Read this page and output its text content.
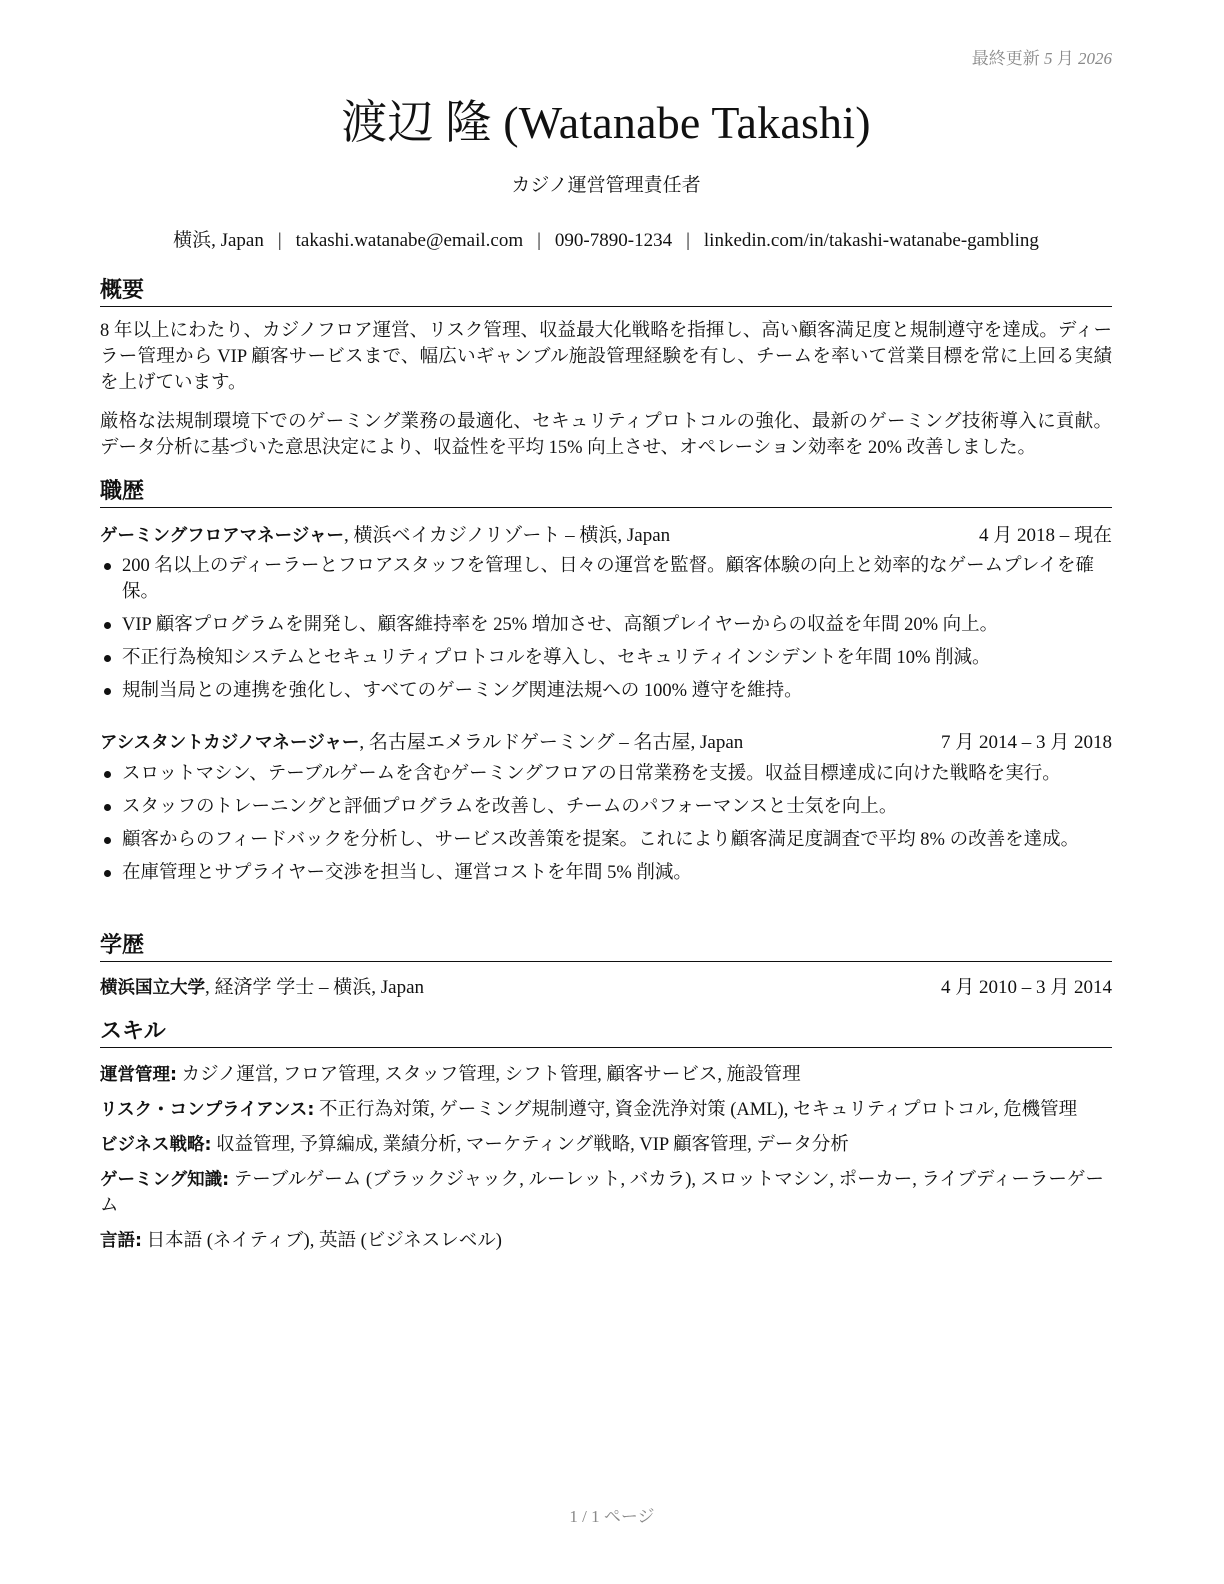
最終更新 5 月 2026
渡辺 隆 (Watanabe Takashi)
カジノ運営管理責任者
横浜, Japan | takashi.watanabe@email.com | 090-7890-1234 | linkedin.com/in/takashi-watanabe-gambling
概要
8 年以上にわたり、カジノフロア運営、リスク管理、収益最大化戦略を指揮し、高い顧客満足度と規制遵守を達成。ディーラー管理から VIP 顧客サービスまで、幅広いギャンブル施設管理経験を有し、チームを率いて営業目標を常に上回る実績を上げています。
厳格な法規制環境下でのゲーミング業務の最適化、セキュリティプロトコルの強化、最新のゲーミング技術導入に貢献。データ分析に基づいた意思決定により、収益性を平均 15% 向上させ、オペレーション効率を 20% 改善しました。
職歴
ゲーミングフロアマネージャー, 横浜ベイカジノリゾート – 横浜, Japan	4 月 2018 – 現在
200 名以上のディーラーとフロアスタッフを管理し、日々の運営を監督。顧客体験の向上と効率的なゲームプレイを確保。
VIP 顧客プログラムを開発し、顧客維持率を 25% 増加させ、高額プレイヤーからの収益を年間 20% 向上。
不正行為検知システムとセキュリティプロトコルを導入し、セキュリティインシデントを年間 10% 削減。
規制当局との連携を強化し、すべてのゲーミング関連法規への 100% 遵守を維持。
アシスタントカジノマネージャー, 名古屋エメラルドゲーミング – 名古屋, Japan	7 月 2014 – 3 月 2018
スロットマシン、テーブルゲームを含むゲーミングフロアの日常業務を支援。収益目標達成に向けた戦略を実行。
スタッフのトレーニングと評価プログラムを改善し、チームのパフォーマンスと士気を向上。
顧客からのフィードバックを分析し、サービス改善策を提案。これにより顧客満足度調査で平均 8% の改善を達成。
在庫管理とサプライヤー交渉を担当し、運営コストを年間 5% 削減。
学歴
横浜国立大学, 経済学 学士 – 横浜, Japan	4 月 2010 – 3 月 2014
スキル
運営管理: カジノ運営, フロア管理, スタッフ管理, シフト管理, 顧客サービス, 施設管理
リスク・コンプライアンス: 不正行為対策, ゲーミング規制遵守, 資金洗浄対策 (AML), セキュリティプロトコル, 危機管理
ビジネス戦略: 収益管理, 予算編成, 業績分析, マーケティング戦略, VIP 顧客管理, データ分析
ゲーミング知識: テーブルゲーム (ブラックジャック, ルーレット, バカラ), スロットマシン, ポーカー, ライブディーラーゲーム
言語: 日本語 (ネイティブ), 英語 (ビジネスレベル)
1 / 1 ページ
